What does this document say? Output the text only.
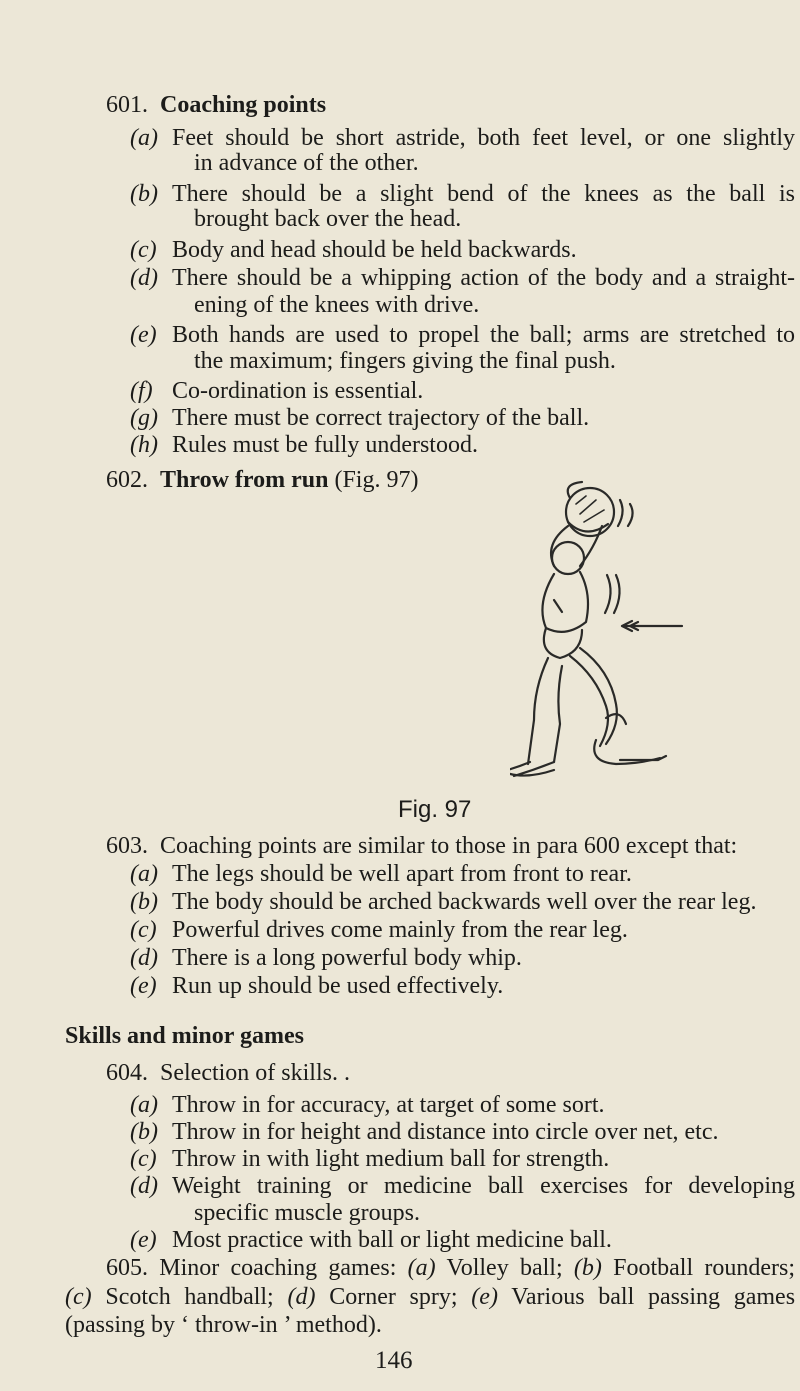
601. Coaching points
(a) Feet should be short astride, both feet level, or one slightly
in advance of the other.
(b) There should be a slight bend of the knees as the ball is
brought back over the head.
(c) Body and head should be held backwards.
(d) There should be a whipping action of the body and a straight-
ening of the knees with drive.
(e) Both hands are used to propel the ball; arms are stretched to
the maximum; fingers giving the final push.
(f) Co-ordination is essential.
(g) There must be correct trajectory of the ball.
(h) Rules must be fully understood.
602. Throw from run (Fig. 97)
Fig. 97
603. Coaching points are similar to those in para 600 except that:
(a) The legs should be well apart from front to rear.
(b) The body should be arched backwards well over the rear leg.
(c) Powerful drives come mainly from the rear leg.
(d) There is a long powerful body whip.
(e) Run up should be used effectively.
Skills and minor games
604. Selection of skills. .
(a) Throw in for accuracy, at target of some sort.
(b) Throw in for height and distance into circle over net, etc.
(c) Throw in with light medium ball for strength.
(d) Weight training or medicine ball exercises for developing
specific muscle groups.
(e) Most practice with ball or light medicine ball.
605. Minor coaching games: (a) Volley ball; (b) Football rounders;
(c) Scotch handball; (d) Corner spry; (e) Various ball passing games
(passing by ‘ throw-in ’ method).
146
